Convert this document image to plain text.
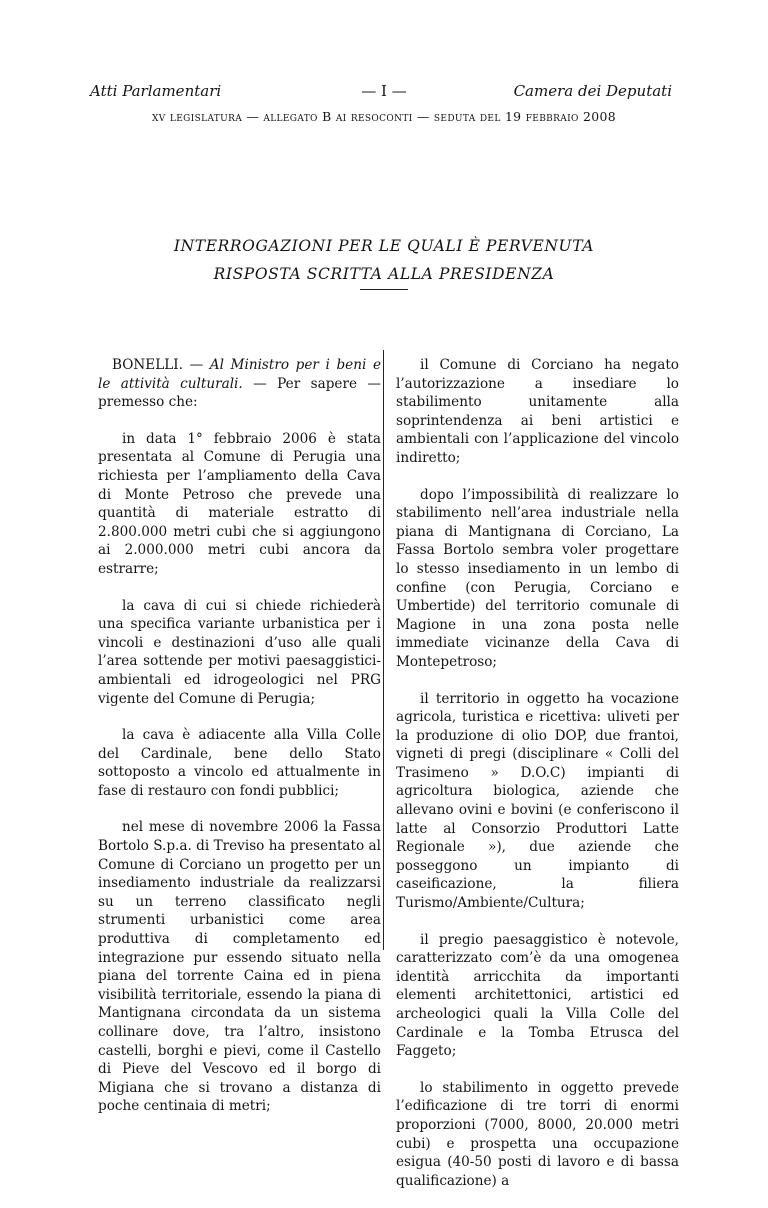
Atti Parlamentari	— I —	Camera dei Deputati
xv legislatura — allegato B ai resoconti — seduta del 19 febbraio 2008
INTERROGAZIONI PER LE QUALI È PERVENUTA
RISPOSTA SCRITTA ALLA PRESIDENZA

BONELLI. — Al Ministro per i beni e le attività culturali. — Per sapere — premesso che:

in data 1° febbraio 2006 è stata presentata al Comune di Perugia una richiesta per l’ampliamento della Cava di Monte Petroso che prevede una quantità di materiale estratto di 2.800.000 metri cubi che si aggiungono ai 2.000.000 metri cubi ancora da estrarre;

la cava di cui si chiede richiederà una specifica variante urbanistica per i vincoli e destinazioni d’uso alle quali l’area sottende per motivi paesaggistici-ambientali ed idrogeologici nel PRG vigente del Comune di Perugia;

la cava è adiacente alla Villa Colle del Cardinale, bene dello Stato sottoposto a vincolo ed attualmente in fase di restauro con fondi pubblici;

nel mese di novembre 2006 la Fassa Bortolo S.p.a. di Treviso ha presentato al Comune di Corciano un progetto per un insediamento industriale da realizzarsi su un terreno classificato negli strumenti urbanistici come area produttiva di completamento ed integrazione pur essendo situato nella piana del torrente Caina ed in piena visibilità territoriale, essendo la piana di Mantignana circondata da un sistema collinare dove, tra l’altro, insistono castelli, borghi e pievi, come il Castello di Pieve del Vescovo ed il borgo di Migiana che si trovano a distanza di poche centinaia di metri;

il Comune di Corciano ha negato l’autorizzazione a insediare lo stabilimento unitamente alla soprintendenza ai beni artistici e ambientali con l’applicazione del vincolo indiretto;

dopo l’impossibilità di realizzare lo stabilimento nell’area industriale nella piana di Mantignana di Corciano, La Fassa Bortolo sembra voler progettare lo stesso insediamento in un lembo di confine (con Perugia, Corciano e Umbertide) del territorio comunale di Magione in una zona posta nelle immediate vicinanze della Cava di Montepetroso;

il territorio in oggetto ha vocazione agricola, turistica e ricettiva: uliveti per la produzione di olio DOP, due frantoi, vigneti di pregi (disciplinare « Colli del Trasimeno » D.O.C) impianti di agricoltura biologica, aziende che allevano ovini e bovini (e conferiscono il latte al Consorzio Produttori Latte Regionale »), due aziende che posseggono un impianto di caseificazione, la filiera Turismo/Ambiente/Cultura;

il pregio paesaggistico è notevole, caratterizzato com’è da una omogenea identità arricchita da importanti elementi architettonici, artistici ed archeologici quali la Villa Colle del Cardinale e la Tomba Etrusca del Faggeto;

lo stabilimento in oggetto prevede l’edificazione di tre torri di enormi proporzioni (7000, 8000, 20.000 metri cubi) e prospetta una occupazione esigua (40-50 posti di lavoro e di bassa qualificazione) a
